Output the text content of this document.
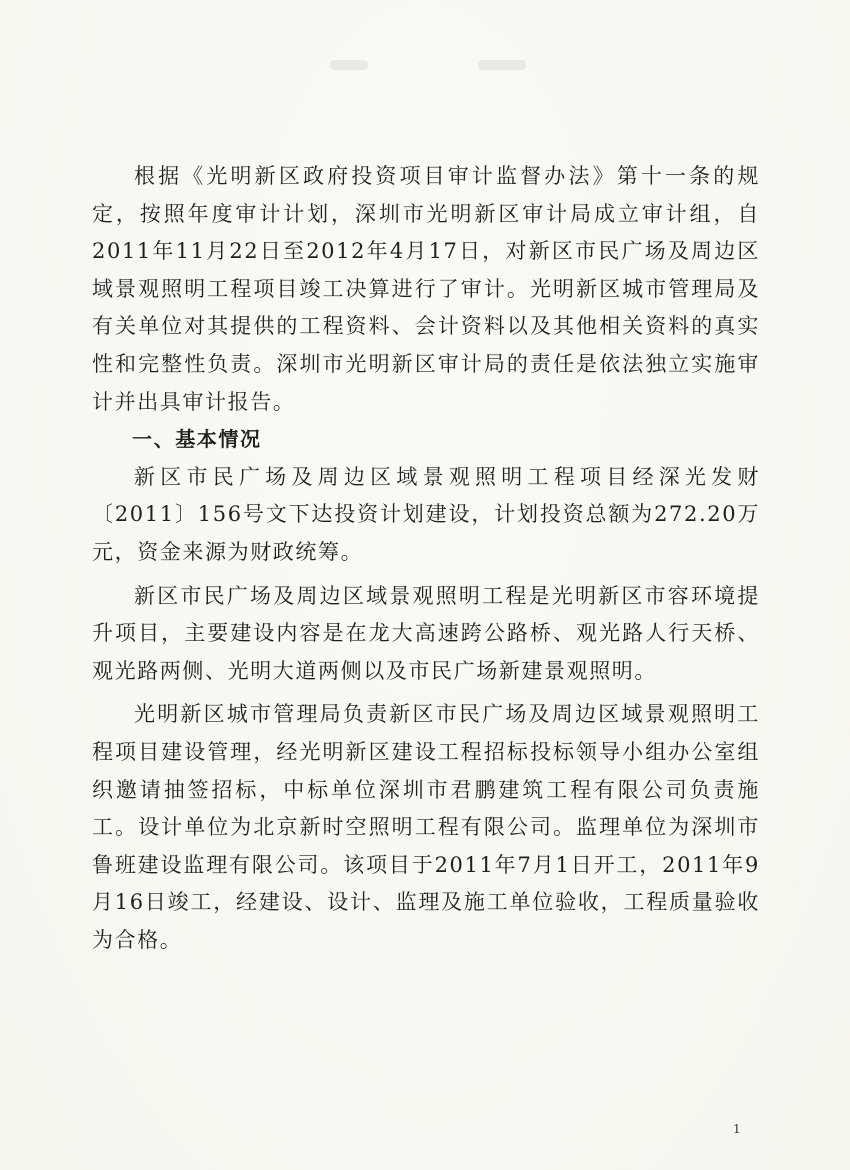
根据《光明新区政府投资项目审计监督办法》第十一条的规定，按照年度审计计划，深圳市光明新区审计局成立审计组，自2011年11月22日至2012年4月17日，对新区市民广场及周边区域景观照明工程项目竣工决算进行了审计。光明新区城市管理局及有关单位对其提供的工程资料、会计资料以及其他相关资料的真实性和完整性负责。深圳市光明新区审计局的责任是依法独立实施审计并出具审计报告。

一、基本情况

新区市民广场及周边区域景观照明工程项目经深光发财〔2011〕156号文下达投资计划建设，计划投资总额为272.20万元，资金来源为财政统筹。

新区市民广场及周边区域景观照明工程是光明新区市容环境提升项目，主要建设内容是在龙大高速跨公路桥、观光路人行天桥、观光路两侧、光明大道两侧以及市民广场新建景观照明。

光明新区城市管理局负责新区市民广场及周边区域景观照明工程项目建设管理，经光明新区建设工程招标投标领导小组办公室组织邀请抽签招标，中标单位深圳市君鹏建筑工程有限公司负责施工。设计单位为北京新时空照明工程有限公司。监理单位为深圳市鲁班建设监理有限公司。该项目于2011年7月1日开工，2011年9月16日竣工，经建设、设计、监理及施工单位验收，工程质量验收为合格。

1
